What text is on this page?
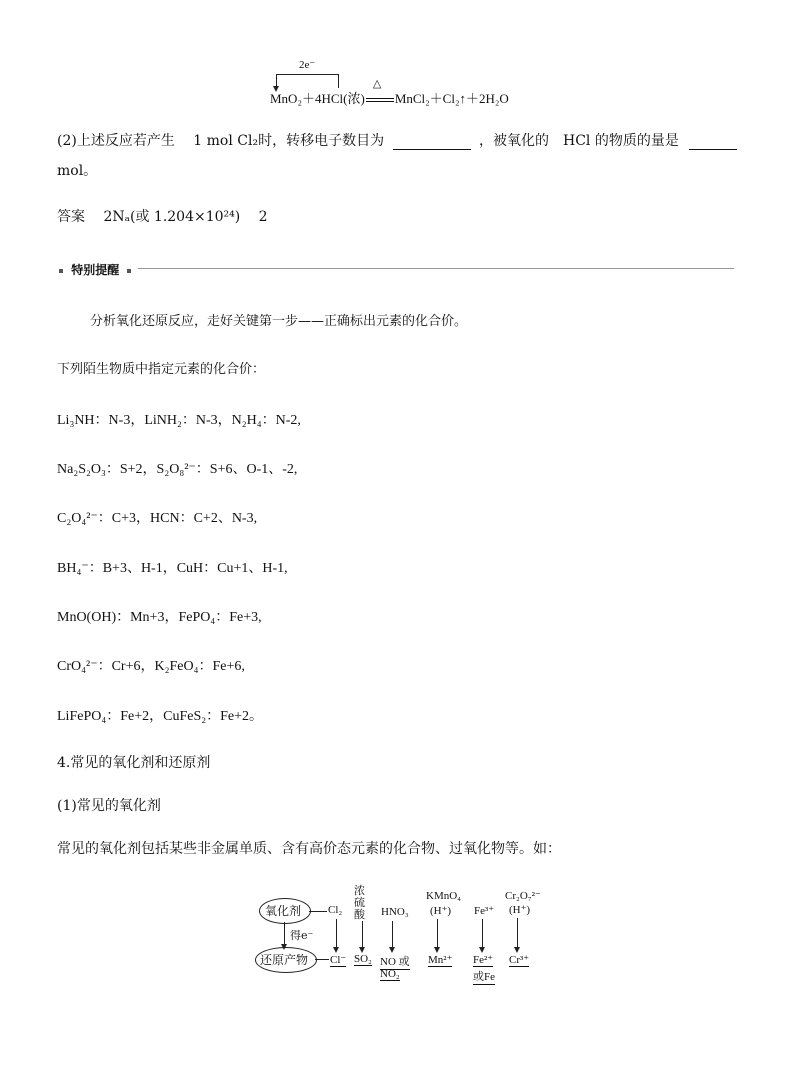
2e⁻
MnO₂＋4HCl(浓)
△
MnCl₂＋Cl₂↑＋2H₂O
(2)上述反应若产生　 1 mol Cl₂时，转移电子数目为	，被氧化的　HCl 的物质的量是
mol。
答案 2Nₐ(或 1.204×10²⁴)　 2
特别提醒
分析氧化还原反应，走好关键第一步——正确标出元素的化合价。
下列陌生物质中指定元素的化合价：
Li₃NH：N-3，LiNH₂：N-3，N₂H₄：N-2,
Na₂S₂O₃：S+2，S₂O₈²⁻：S+6、O-1、-2,
C₂O₄²⁻：C+3，HCN：C+2、N-3,
BH₄⁻：B+3、H-1，CuH：Cu+1、H-1,
MnO(OH)：Mn+3，FePO₄：Fe+3,
CrO₄²⁻：Cr+6，K₂FeO₄：Fe+6,
LiFePO₄：Fe+2，CuFeS₂：Fe+2。
4.常见的氧化剂和还原剂
(1)常见的氧化剂
常见的氧化剂包括某些非金属单质、含有高价态元素的化合物、过氧化物等。如：
氧化剂
得e⁻
还原产物
Cl₂
浓
硫
酸 HNO₃
KMnO₄
(H⁺) Fe³⁺
Cr₂O₇²⁻
(H⁺)
Cl⁻ SO₂ NO 或
NO₂
Mn²⁺ Fe²⁺
或Fe
Cr³⁺
